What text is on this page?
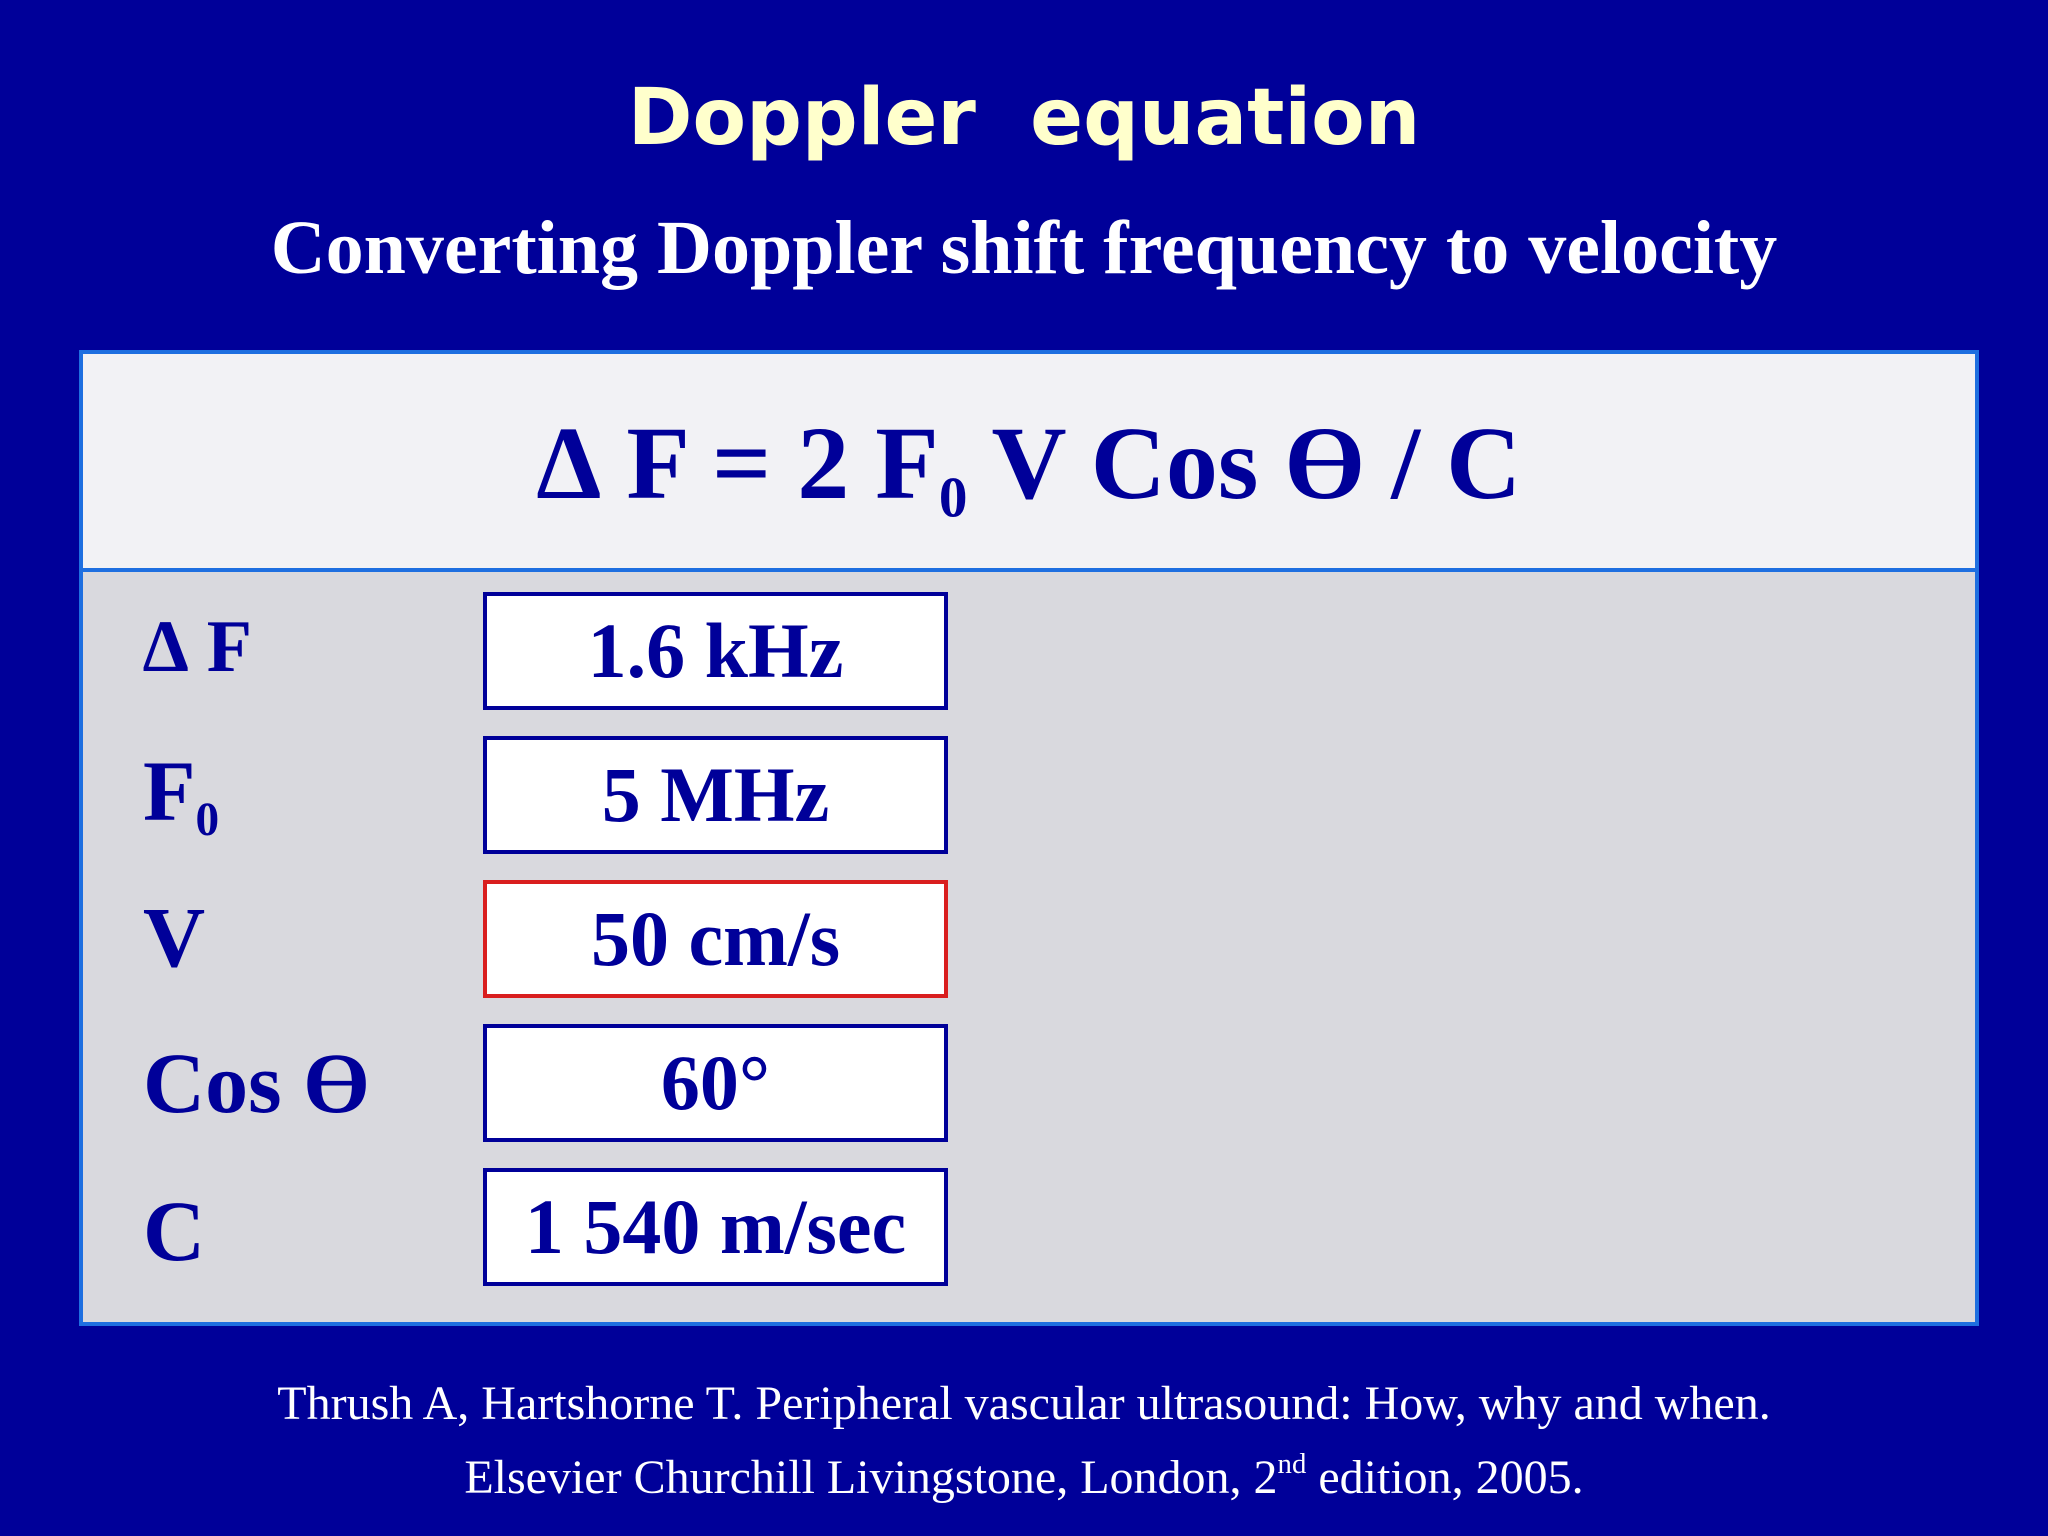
Doppler  equation
Converting Doppler shift frequency to velocity
∆ F = 2 $F_0$ V Cos ϴ / C
∆ F	1.6 kHz
$F_0$	5 MHz
V	50 cm/s
Cos ϴ	60°
C	1 540 m/sec
Thrush A, Hartshorne T. Peripheral vascular ultrasound: How, why and when.
Elsevier Churchill Livingstone, London, 2nd edition, 2005.
